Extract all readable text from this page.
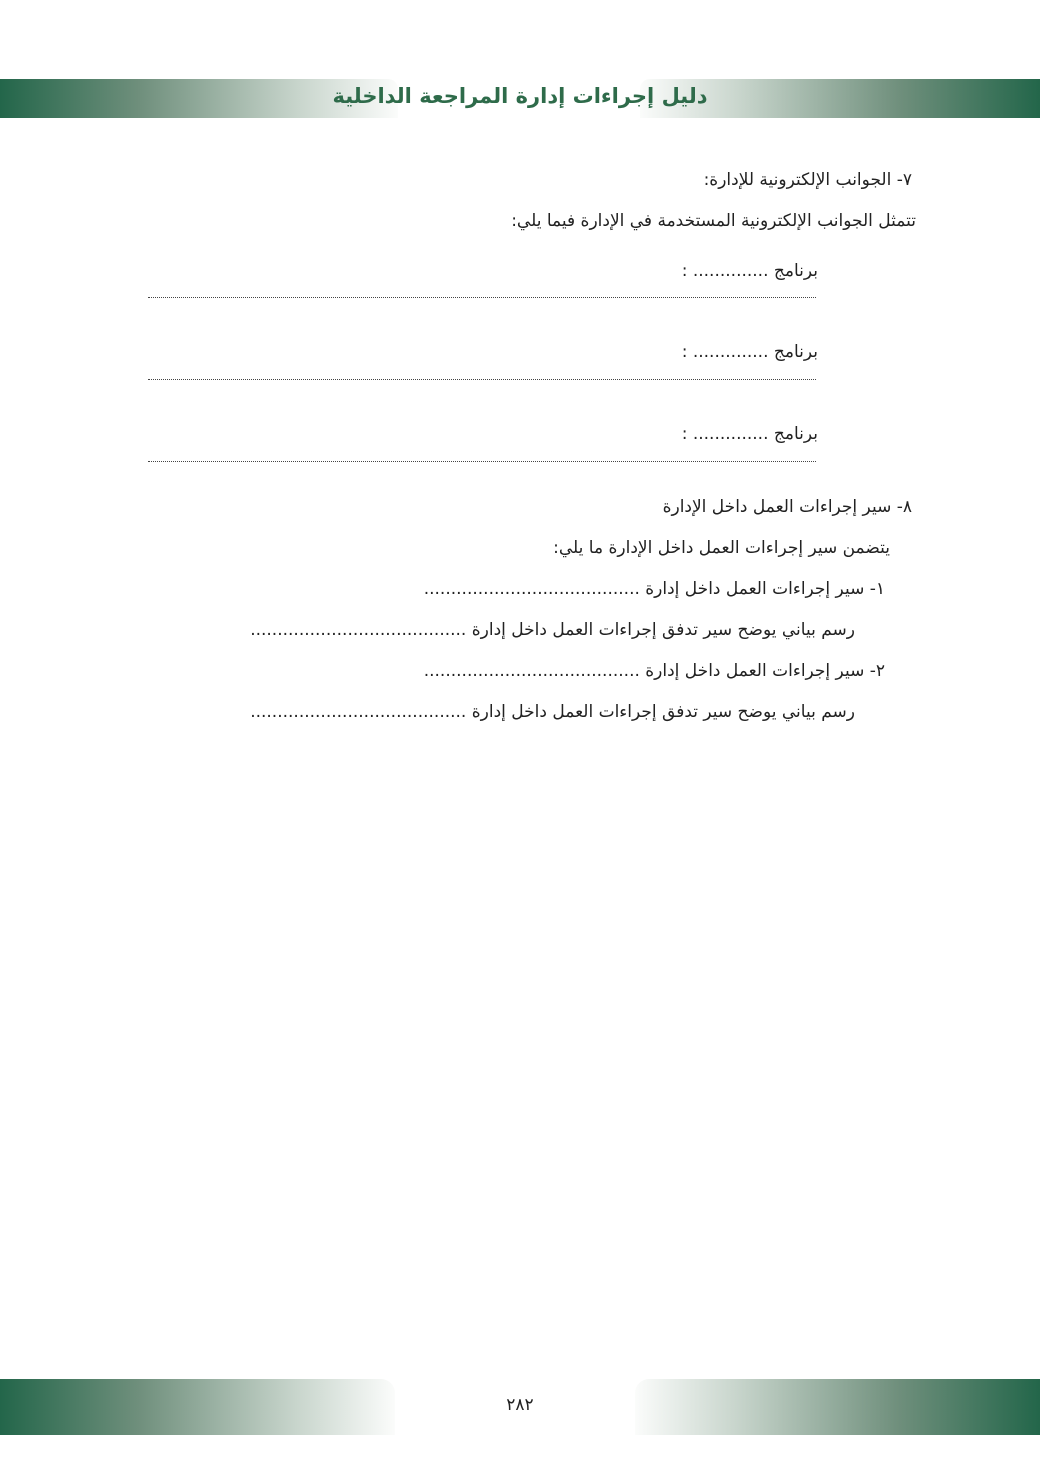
دليل إجراءات إدارة المراجعة الداخلية
٧- الجوانب الإلكترونية للإدارة:
تتمثل الجوانب الإلكترونية المستخدمة في الإدارة فيما يلي:
برنامج .............. :
برنامج .............. :
برنامج .............. :
٨- سير إجراءات العمل داخل الإدارة
يتضمن سير إجراءات العمل داخل الإدارة ما يلي:
١- سير إجراءات العمل داخل إدارة ........................................
رسم بياني يوضح سير تدفق إجراءات العمل داخل إدارة ........................................
٢- سير إجراءات العمل داخل إدارة ........................................
رسم بياني يوضح سير تدفق إجراءات العمل داخل إدارة ........................................
٢٨٢
